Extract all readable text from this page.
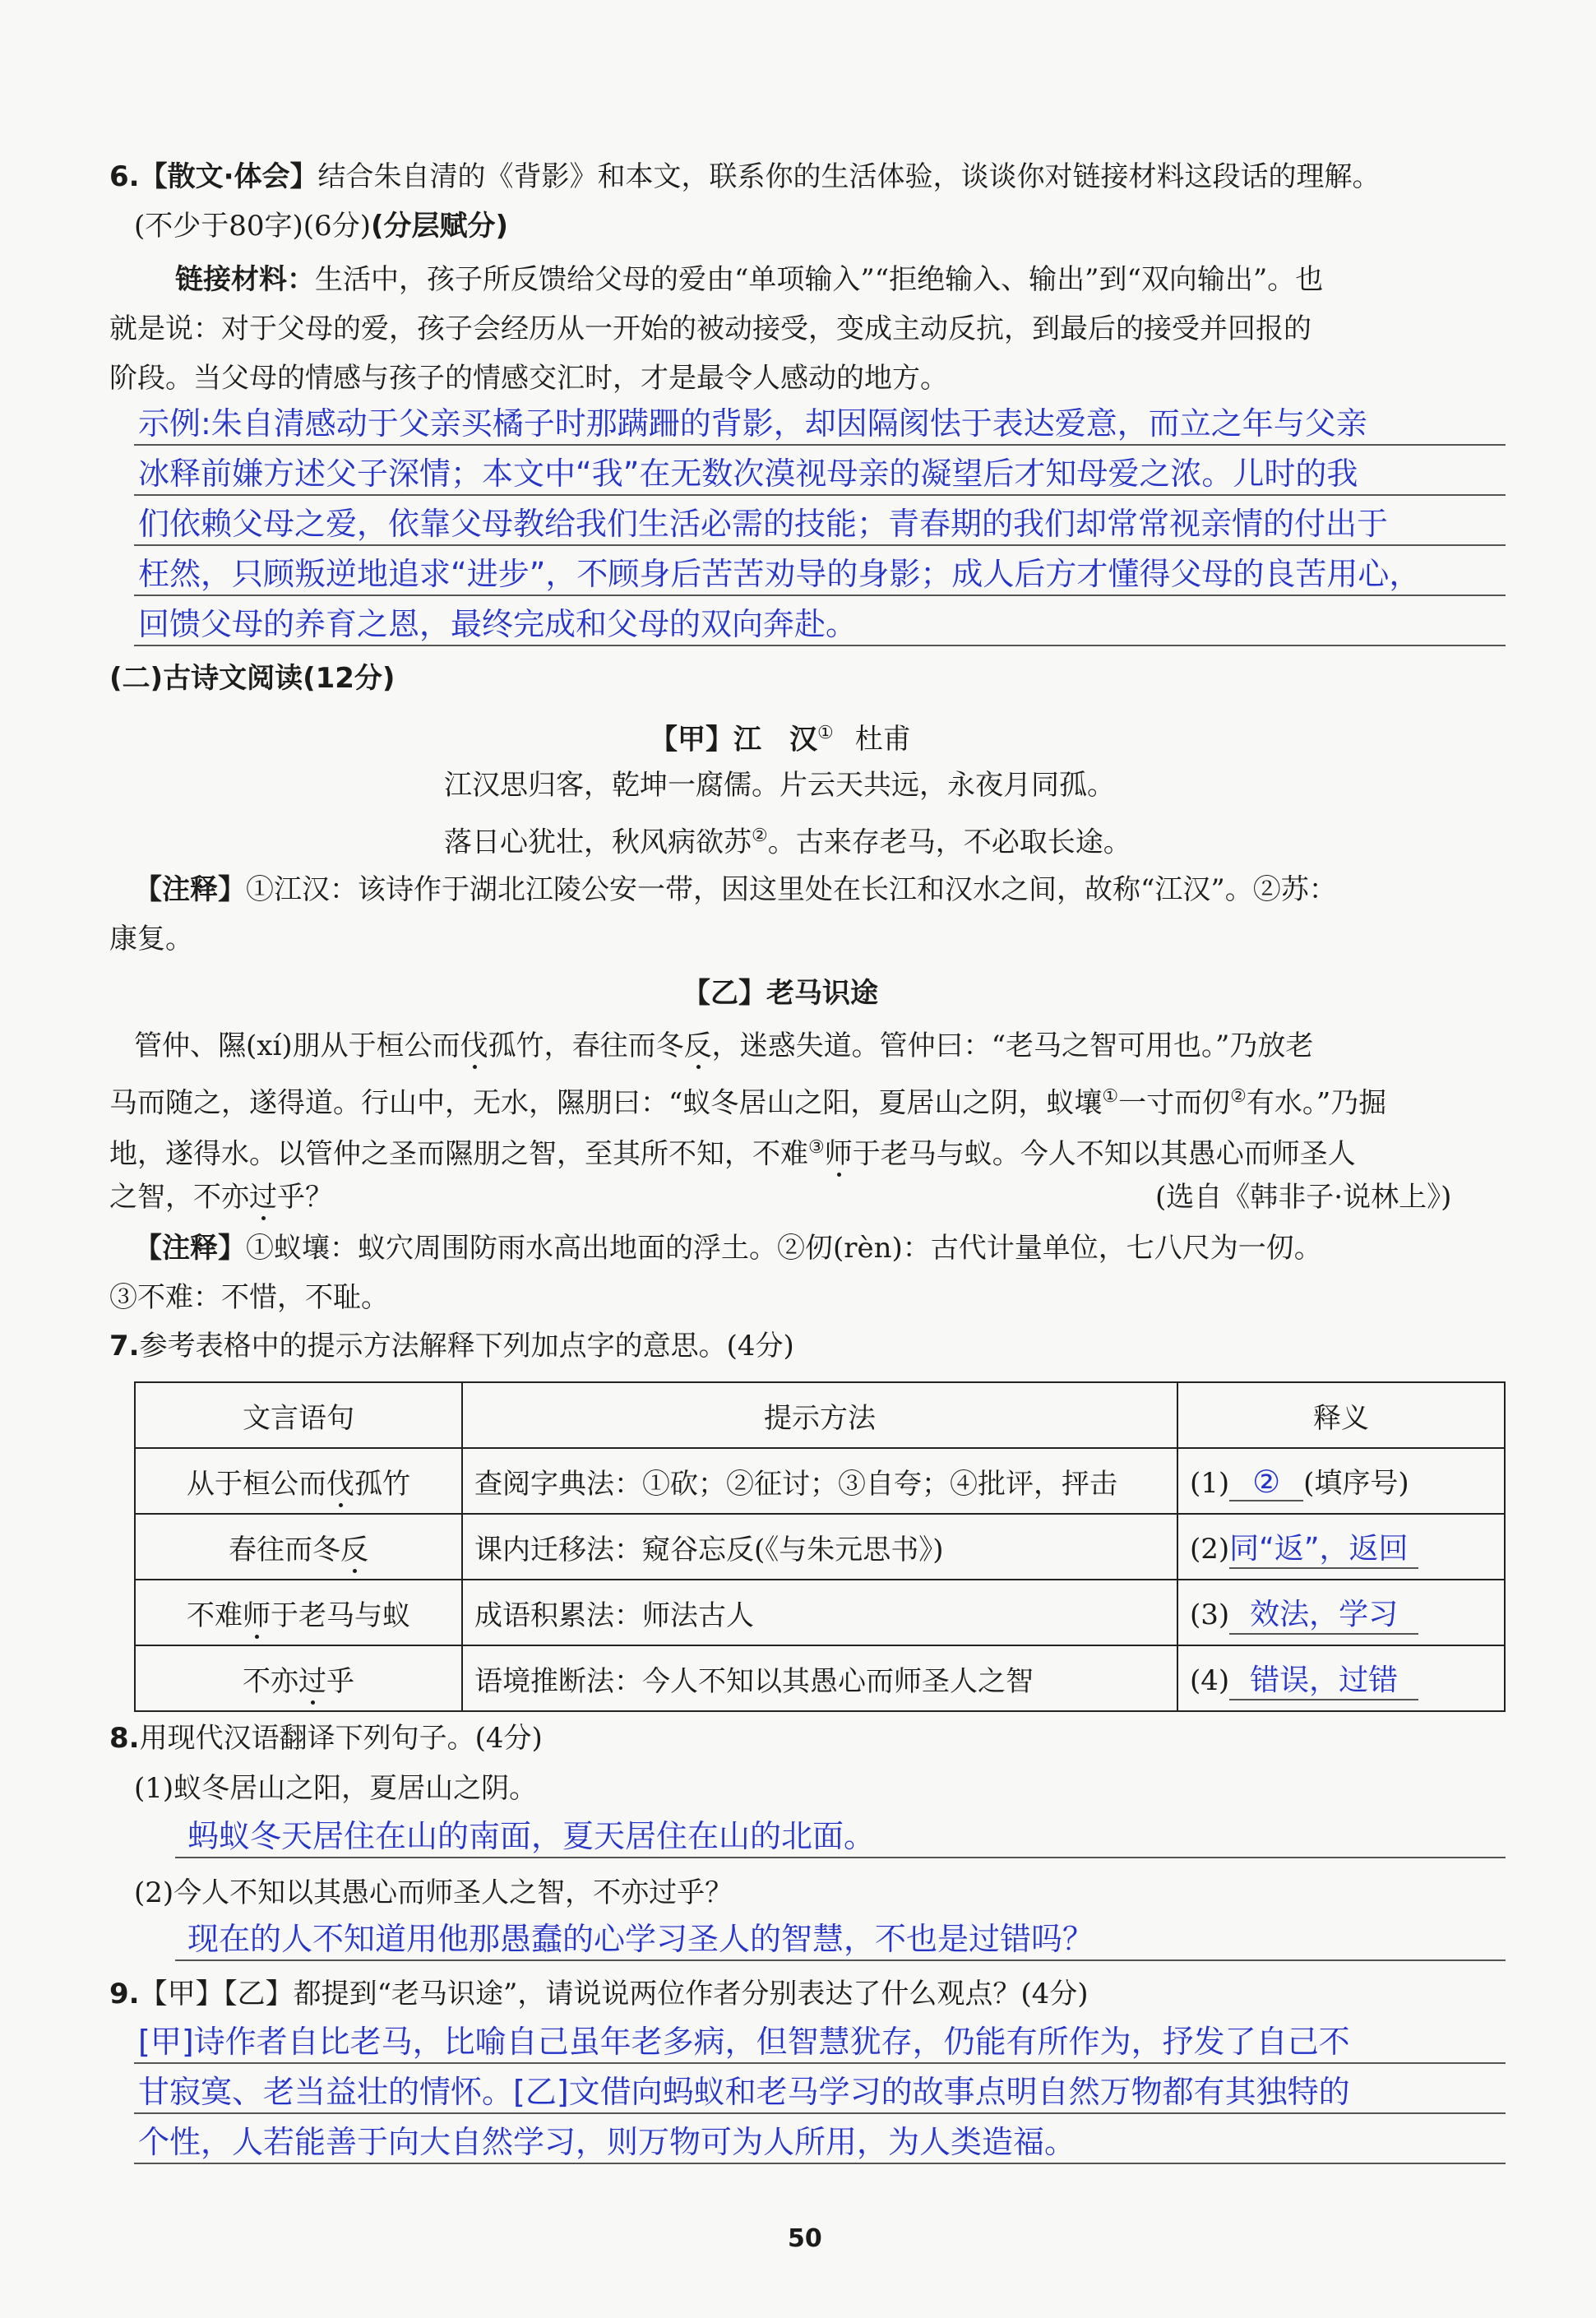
6.【散文·体会】结合朱自清的《背影》和本文，联系你的生活体验，谈谈你对链接材料这段话的理解。
(不少于80字)(6分)(分层赋分)
链接材料：生活中，孩子所反馈给父母的爱由“单项输入”“拒绝输入、输出”到“双向输出”。也
就是说：对于父母的爱，孩子会经历从一开始的被动接受，变成主动反抗，到最后的接受并回报的
阶段。当父母的情感与孩子的情感交汇时，才是最令人感动的地方。
示例:朱自清感动于父亲买橘子时那蹒跚的背影，却因隔阂怯于表达爱意，而立之年与父亲
冰释前嫌方述父子深情；本文中“我”在无数次漠视母亲的凝望后才知母爱之浓。儿时的我
们依赖父母之爱，依靠父母教给我们生活必需的技能；青春期的我们却常常视亲情的付出于
枉然，只顾叛逆地追求“进步”，不顾身后苦苦劝导的身影；成人后方才懂得父母的良苦用心，
回馈父母的养育之恩，最终完成和父母的双向奔赴。
(二)古诗文阅读(12分)
【甲】江　汉① 杜甫
江汉思归客，乾坤一腐儒。片云天共远，永夜月同孤。
落日心犹壮，秋风病欲苏②。古来存老马，不必取长途。
【注释】①江汉：该诗作于湖北江陵公安一带，因这里处在长江和汉水之间，故称“江汉”。②苏：
康复。
【乙】老马识途
管仲、隰(xí)朋从于桓公而伐孤竹，春往而冬反，迷惑失道。管仲曰：“老马之智可用也。”乃放老
马而随之，遂得道。行山中，无水，隰朋曰：“蚁冬居山之阳，夏居山之阴，蚁壤①一寸而仞②有水。”乃掘
地，遂得水。以管仲之圣而隰朋之智，至其所不知，不难③师于老马与蚁。今人不知以其愚心而师圣人
之智，不亦过乎？	(选自《韩非子·说林上》)
【注释】①蚁壤：蚁穴周围防雨水高出地面的浮土。②仞(rèn)：古代计量单位，七八尺为一仞。
③不难：不惜，不耻。
7.参考表格中的提示方法解释下列加点字的意思。(4分)
文言语句	提示方法	释义
从于桓公而伐孤竹	查阅字典法：①砍；②征讨；③自夸；④批评，抨击	(1) ② (填序号)
春往而冬反	课内迁移法：窥谷忘反(《与朱元思书》)	(2)同“返”，返回
不难师于老马与蚁	成语积累法：师法古人	(3) 效法，学习
不亦过乎	语境推断法：今人不知以其愚心而师圣人之智	(4) 错误，过错
8.用现代汉语翻译下列句子。(4分)
(1)蚁冬居山之阳，夏居山之阴。
蚂蚁冬天居住在山的南面，夏天居住在山的北面。
(2)今人不知以其愚心而师圣人之智，不亦过乎？
现在的人不知道用他那愚蠢的心学习圣人的智慧，不也是过错吗？
9.【甲】【乙】都提到“老马识途”，请说说两位作者分别表达了什么观点？(4分)
[甲]诗作者自比老马，比喻自己虽年老多病，但智慧犹存，仍能有所作为，抒发了自己不
甘寂寞、老当益壮的情怀。[乙]文借向蚂蚁和老马学习的故事点明自然万物都有其独特的
个性，人若能善于向大自然学习，则万物可为人所用，为人类造福。
50
